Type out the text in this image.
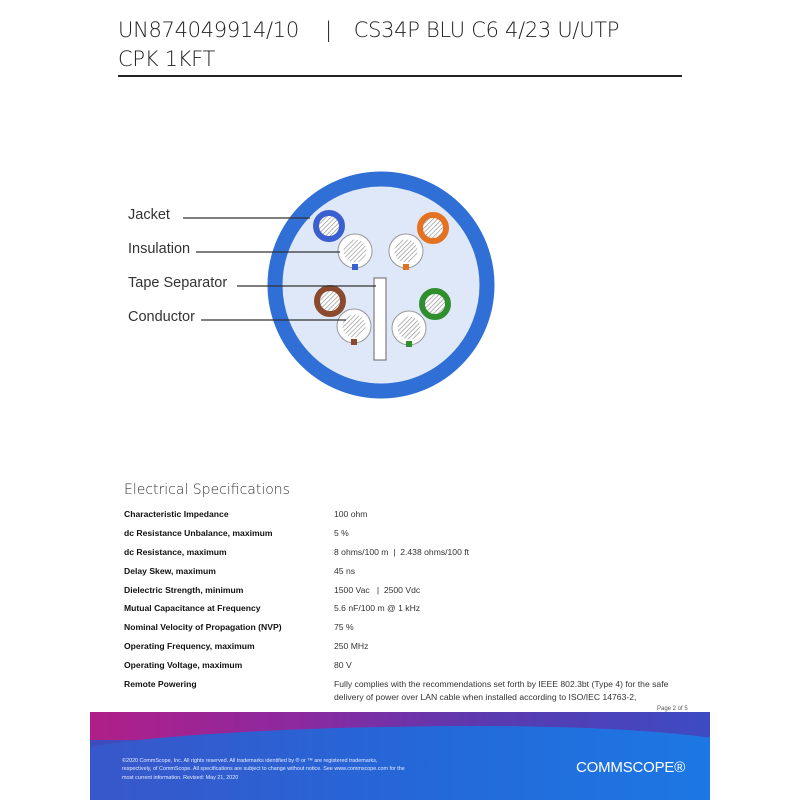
UN874049914/10 | CS34P BLU C6 4/23 U/UTP
CPK 1KFT
Jacket
Insulation
Tape Separator
Conductor
Electrical Specifications
Characteristic Impedance	100 ohm
dc Resistance Unbalance, maximum	5 %
dc Resistance, maximum	8 ohms/100 m  |  2.438 ohms/100 ft
Delay Skew, maximum	45 ns
Dielectric Strength, minimum	1500 Vac   |  2500 Vdc
Mutual Capacitance at Frequency	5.6 nF/100 m @ 1 kHz
Nominal Velocity of Propagation (NVP)	75 %
Operating Frequency, maximum	250 MHz
Operating Voltage, maximum	80 V
Remote Powering	Fully complies with the recommendations set forth by IEEE 802.3bt (Type 4) for the safe delivery of power over LAN cable when installed according to ISO/IEC 14763-2,
Page 2 of 5
©2020 CommScope, Inc. All rights reserved. All trademarks identified by ® or ™ are registered trademarks,
respectively, of CommScope. All specifications are subject to change without notice. See www.commscope.com for the
most current information. Revised: May 21, 2020
COMMSCOPE®
